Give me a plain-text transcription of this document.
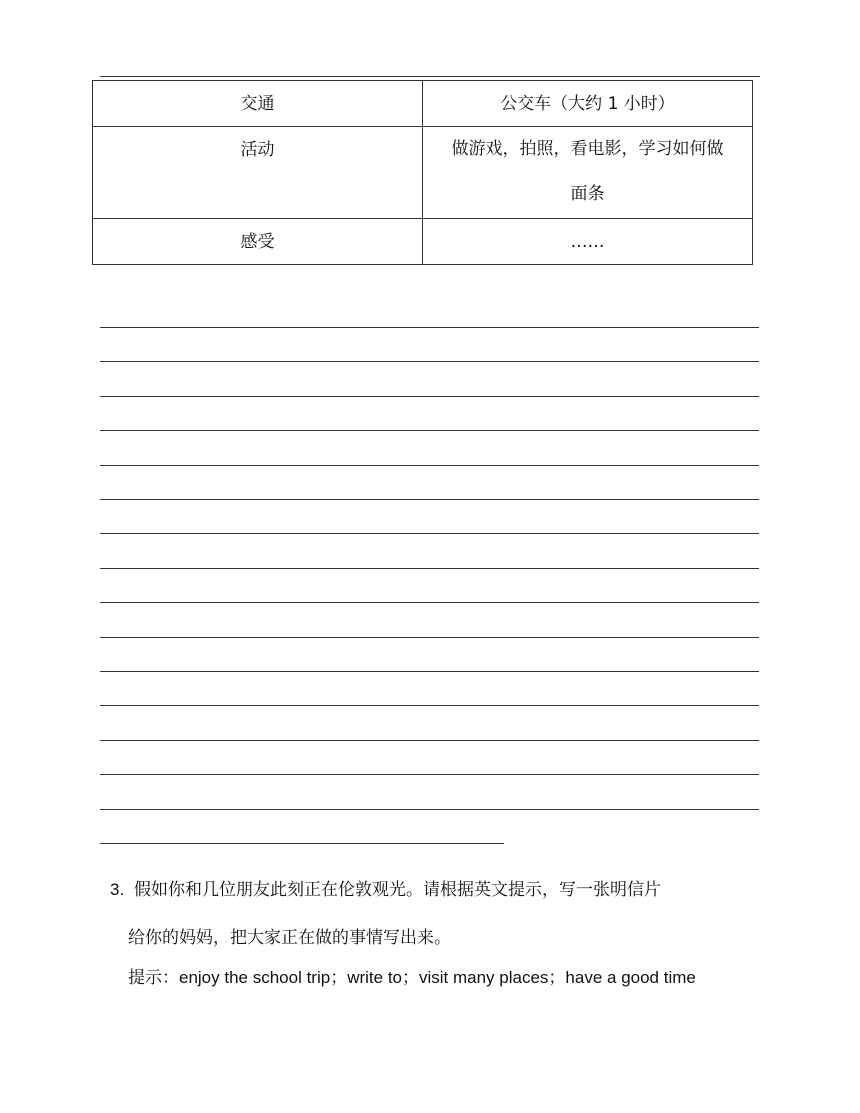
交通	公交车（大约 1 小时）

活动	做游戏，拍照，看电影，学习如何做
面条

感受	……
3. 假如你和几位朋友此刻正在伦敦观光。请根据英文提示，写一张明信片
给你的妈妈，把大家正在做的事情写出来。
提示：enjoy the school trip；write to；visit many places；have a good time
